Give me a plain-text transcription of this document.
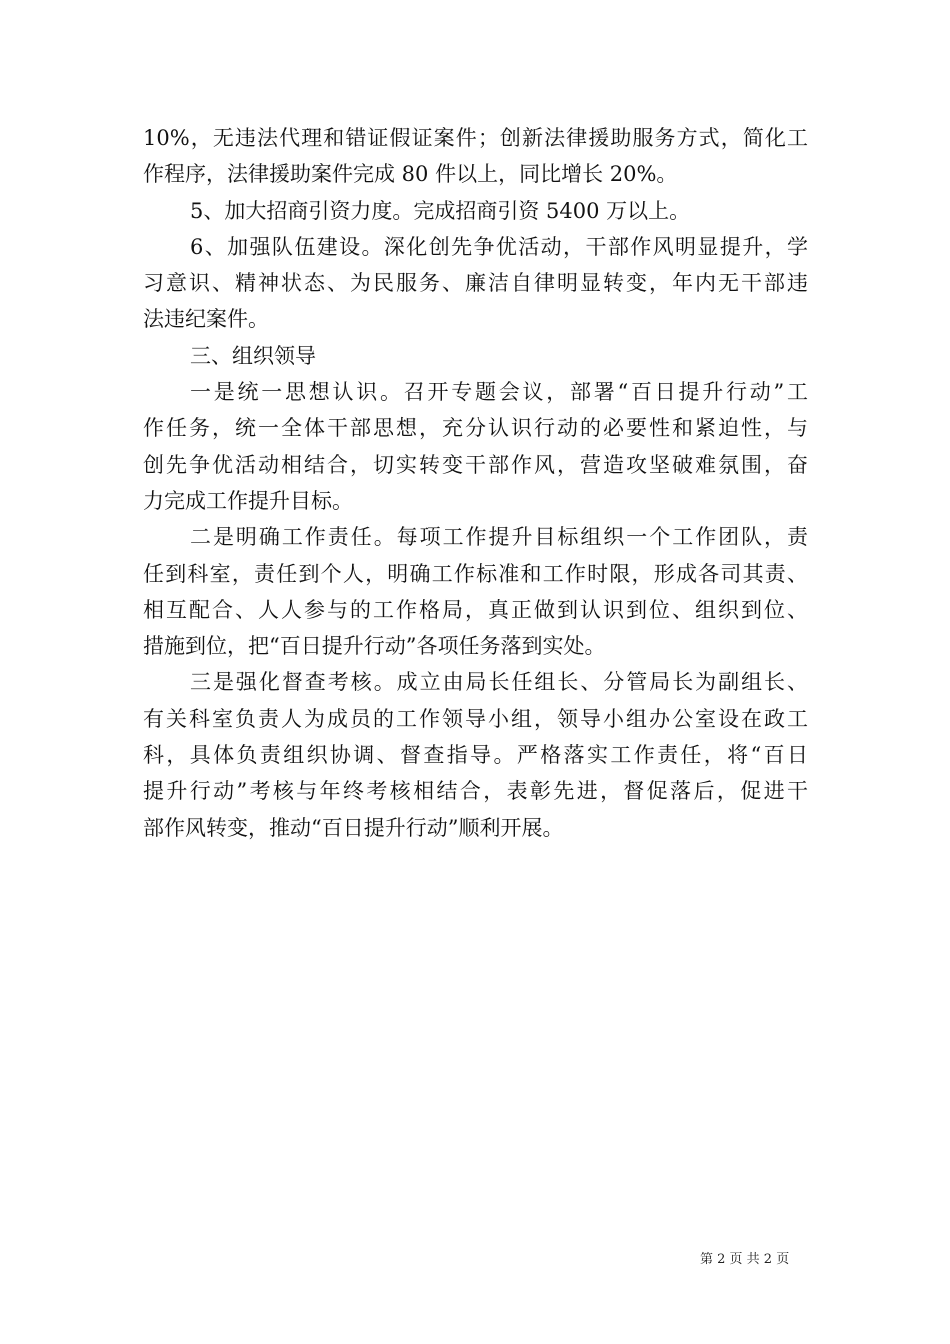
10%，无违法代理和错证假证案件；创新法律援助服务方式，简化工
作程序，法律援助案件完成 80 件以上，同比增长 20%。
5、加大招商引资力度。完成招商引资 5400 万以上。
6、加强队伍建设。深化创先争优活动，干部作风明显提升，学
习意识、精神状态、为民服务、廉洁自律明显转变，年内无干部违
法违纪案件。
三、组织领导
一是统一思想认识。召开专题会议，部署“百日提升行动”工
作任务，统一全体干部思想，充分认识行动的必要性和紧迫性，与
创先争优活动相结合，切实转变干部作风，营造攻坚破难氛围，奋
力完成工作提升目标。
二是明确工作责任。每项工作提升目标组织一个工作团队，责
任到科室，责任到个人，明确工作标准和工作时限，形成各司其责、
相互配合、人人参与的工作格局，真正做到认识到位、组织到位、
措施到位，把“百日提升行动”各项任务落到实处。
三是强化督查考核。成立由局长任组长、分管局长为副组长、
有关科室负责人为成员的工作领导小组，领导小组办公室设在政工
科，具体负责组织协调、督查指导。严格落实工作责任，将“百日
提升行动”考核与年终考核相结合，表彰先进，督促落后，促进干
部作风转变，推动“百日提升行动”顺利开展。
第 2 页 共 2 页
